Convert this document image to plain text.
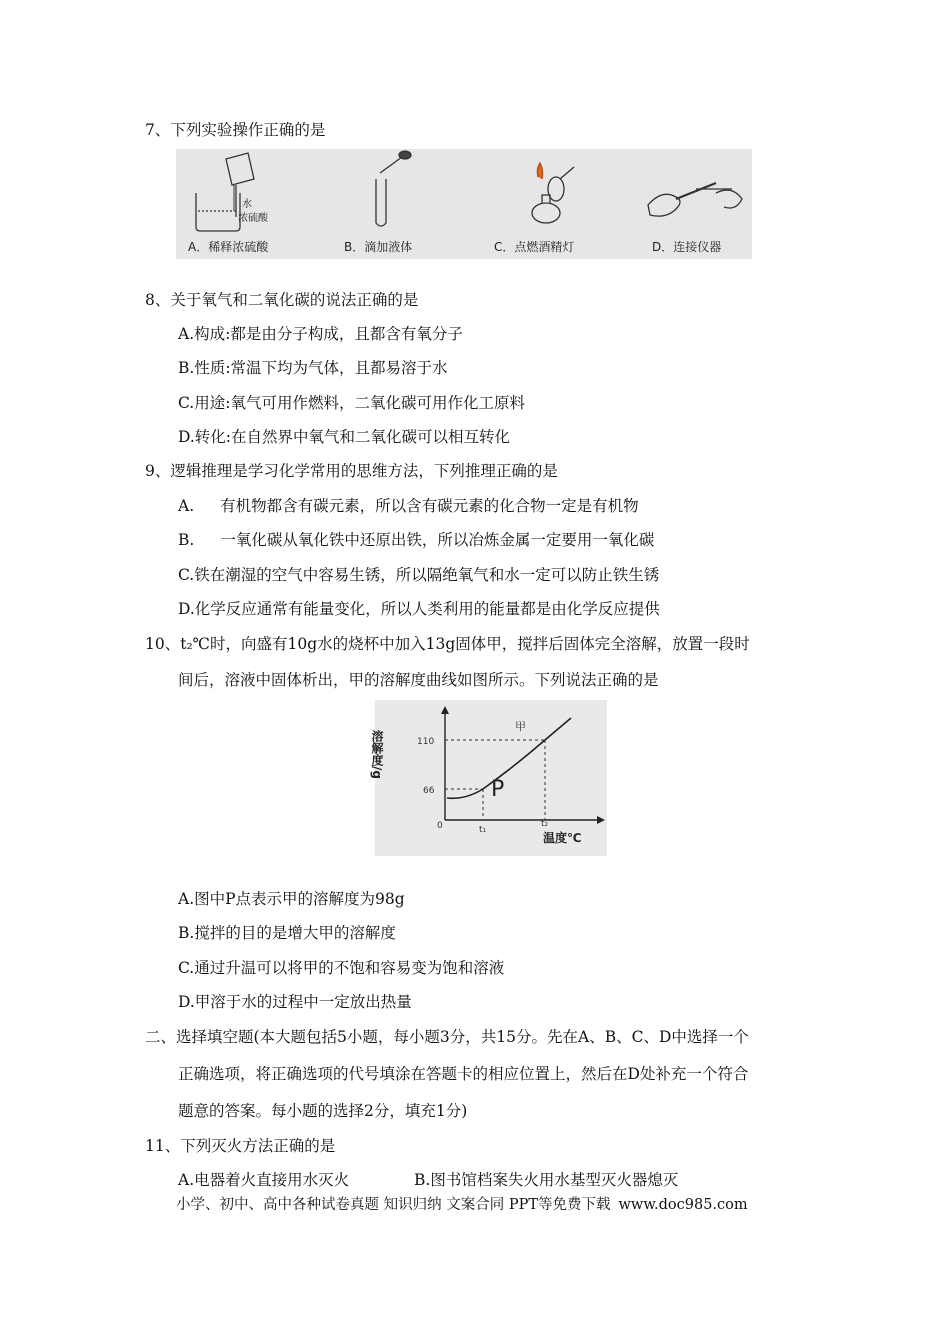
7、下列实验操作正确的是
水
浓硫酸
A．稀释浓硫酸	B．滴加液体	C．点燃酒精灯	D．连接仪器
8、关于氧气和二氧化碳的说法正确的是
A.构成:都是由分子构成，且都含有氧分子
B.性质:常温下均为气体，且都易溶于水
C.用途:氧气可用作燃料，二氧化碳可用作化工原料
D.转化:在自然界中氧气和二氧化碳可以相互转化
9、逻辑推理是学习化学常用的思维方法，下列推理正确的是
A. 有机物都含有碳元素，所以含有碳元素的化合物一定是有机物
B. 一氧化碳从氧化铁中还原出铁，所以冶炼金属一定要用一氧化碳
C.铁在潮湿的空气中容易生锈，所以隔绝氧气和水一定可以防止铁生锈
D.化学反应通常有能量变化，所以人类利用的能量都是由化学反应提供
10、t₂℃时，向盛有10g水的烧杯中加入13g固体甲，搅拌后固体完全溶解，放置一段时
间后，溶液中固体析出，甲的溶解度曲线如图所示。下列说法正确的是
溶解度/g
甲
110
66	P
0	t₁
t₂
温度℃
A.图中P点表示甲的溶解度为98g
B.搅拌的目的是增大甲的溶解度
C.通过升温可以将甲的不饱和容易变为饱和溶液
D.甲溶于水的过程中一定放出热量
二、选择填空题(本大题包括5小题，每小题3分，共15分。先在A、B、C、D中选择一个
正确选项，将正确选项的代号填涂在答题卡的相应位置上，然后在D处补充一个符合
题意的答案。每小题的选择2分，填充1分)
11、下列灭火方法正确的是
A.电器着火直接用水灭火	B.图书馆档案失火用水基型灭火器熄灭
小学、初中、高中各种试卷真题 知识归纳 文案合同 PPT等免费下载 www.doc985.com
